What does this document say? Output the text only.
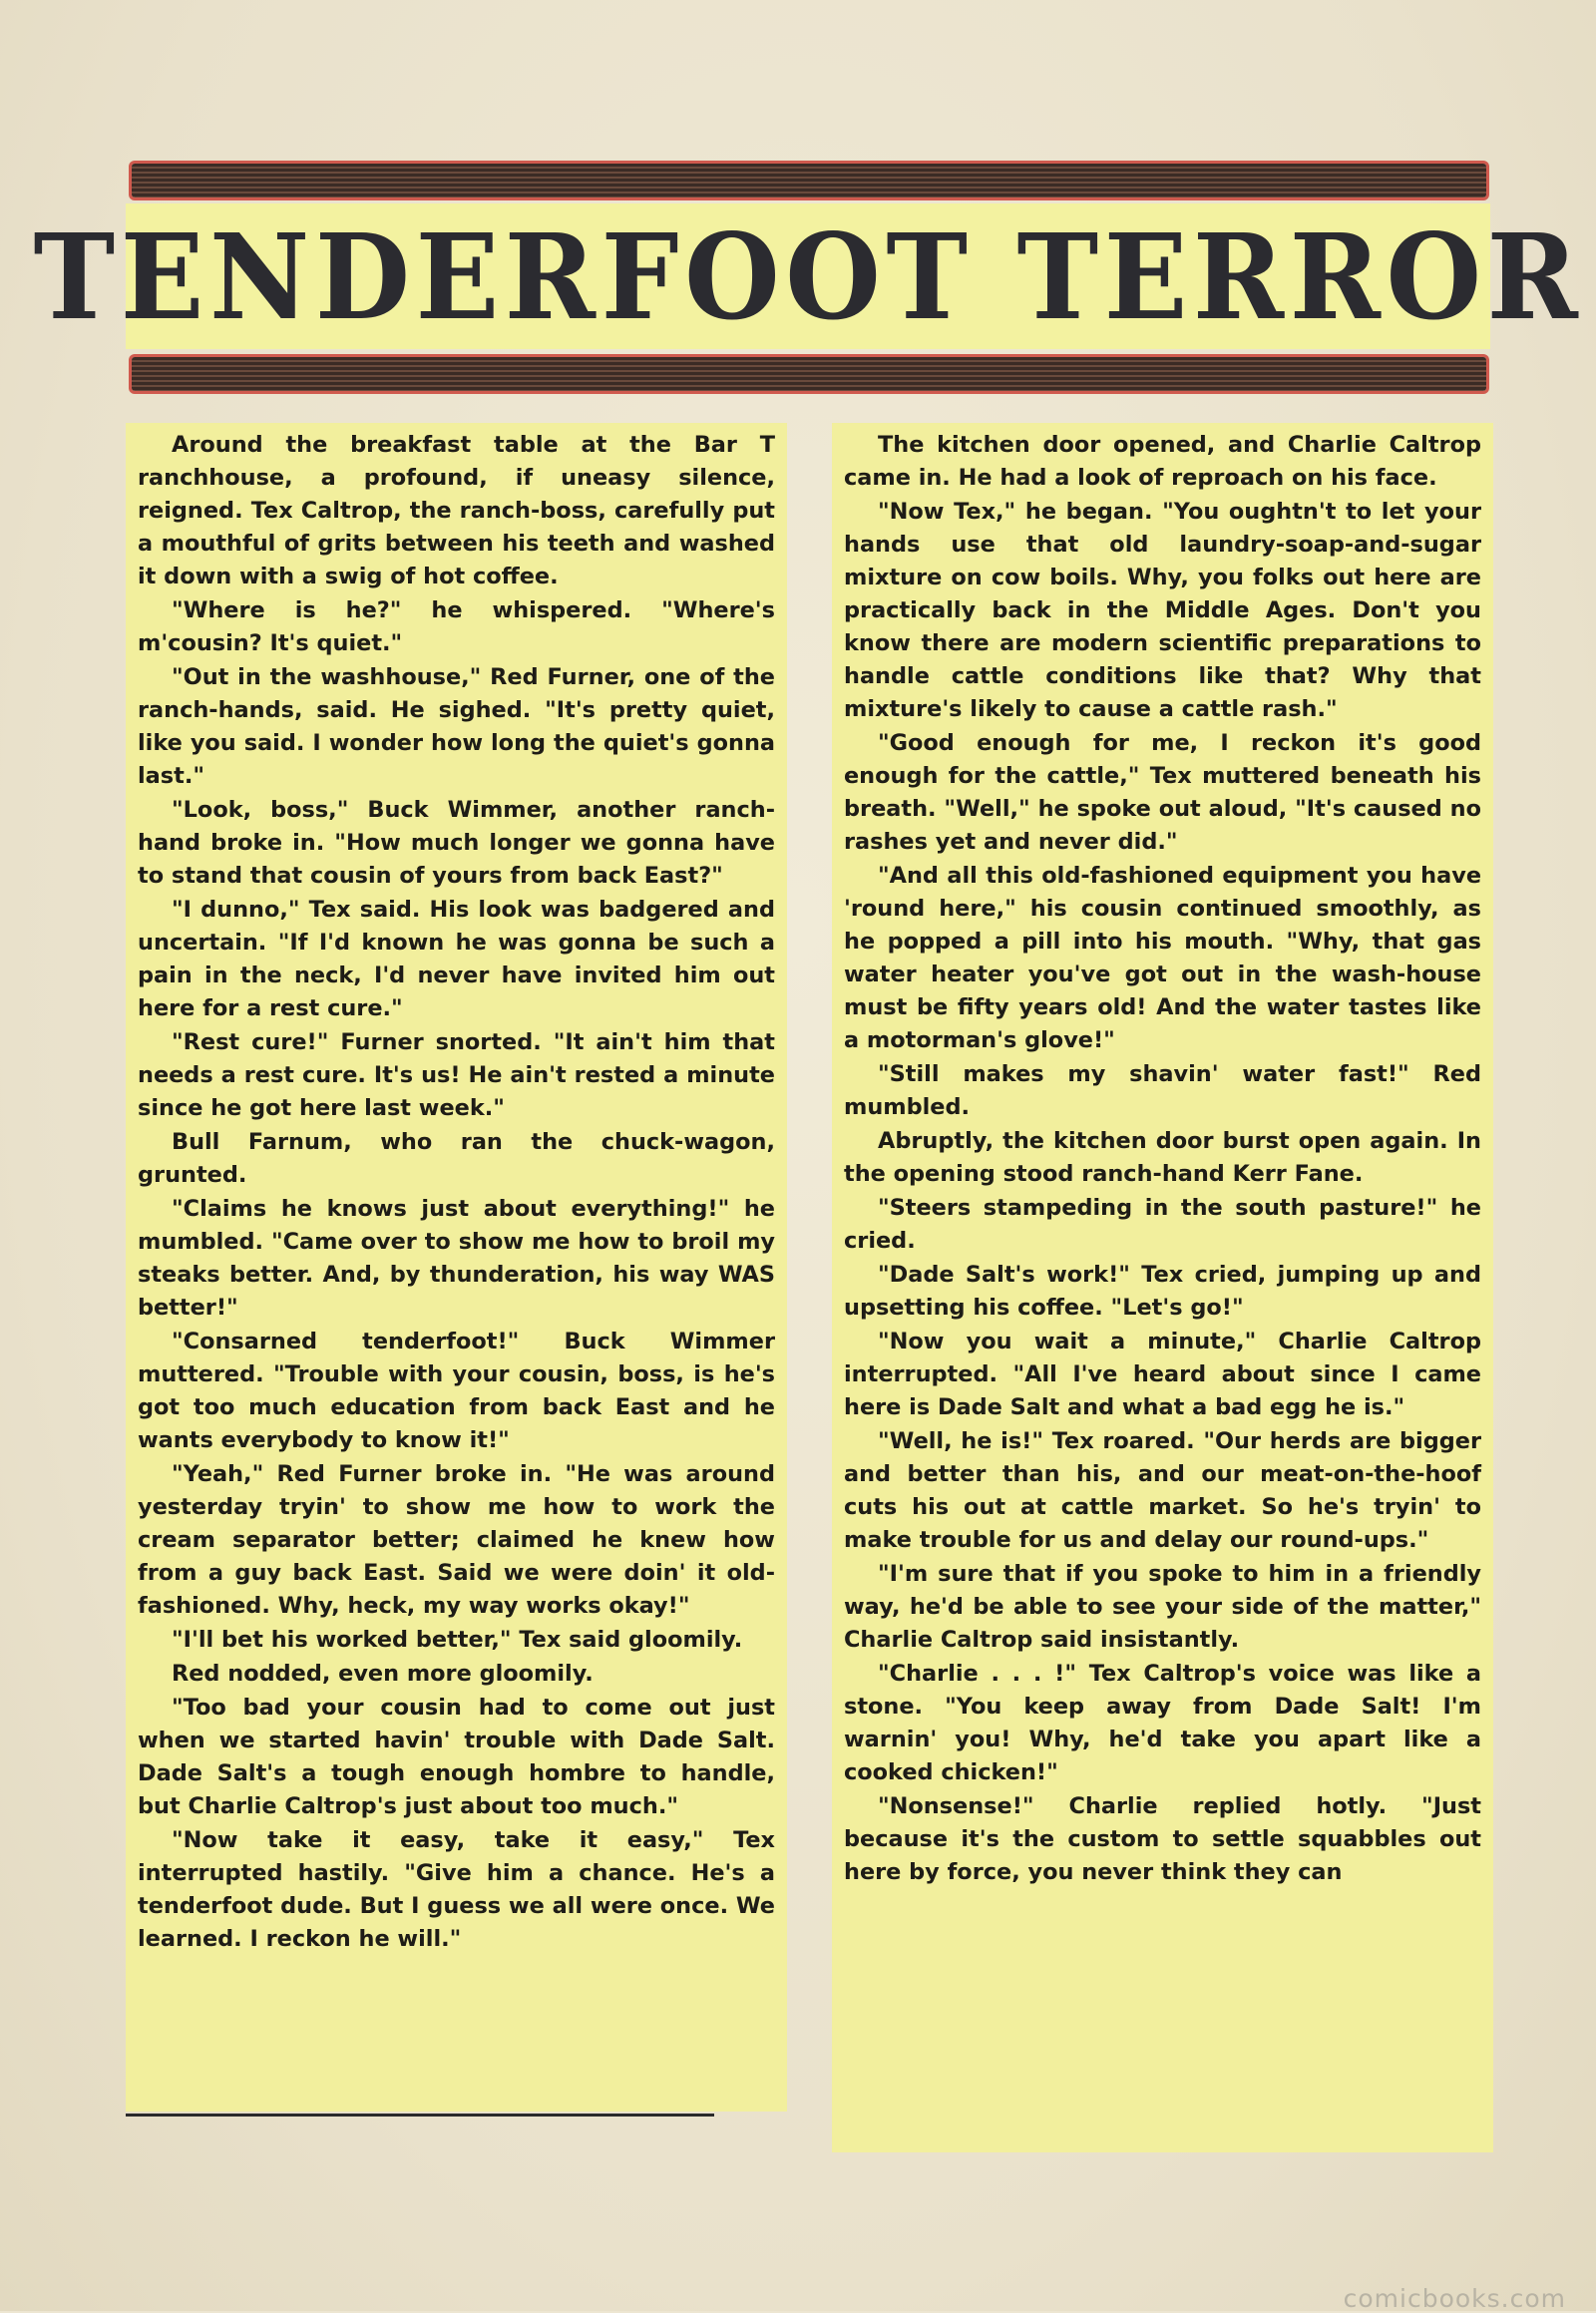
TENDERFOOT TERROR

Around the breakfast table at the Bar T ranchhouse, a profound, if uneasy silence, reigned. Tex Caltrop, the ranch-boss, carefully put a mouthful of grits between his teeth and washed it down with a swig of hot coffee.

"Where is he?" he whispered. "Where's m'cousin? It's quiet."

"Out in the washhouse," Red Furner, one of the ranch-hands, said. He sighed. "It's pretty quiet, like you said. I wonder how long the quiet's gonna last."

"Look, boss," Buck Wimmer, another ranch-hand broke in. "How much longer we gonna have to stand that cousin of yours from back East?"

"I dunno," Tex said. His look was badgered and uncertain. "If I'd known he was gonna be such a pain in the neck, I'd never have invited him out here for a rest cure."

"Rest cure!" Furner snorted. "It ain't him that needs a rest cure. It's us! He ain't rested a minute since he got here last week."

Bull Farnum, who ran the chuck-wagon, grunted.

"Claims he knows just about everything!" he mumbled. "Came over to show me how to broil my steaks better. And, by thunderation, his way WAS better!"

"Consarned tenderfoot!" Buck Wimmer muttered. "Trouble with your cousin, boss, is he's got too much education from back East and he wants everybody to know it!"

"Yeah," Red Furner broke in. "He was around yesterday tryin' to show me how to work the cream separator better; claimed he knew how from a guy back East. Said we were doin' it old-fashioned. Why, heck, my way works okay!"

"I'll bet his worked better," Tex said gloomily.

Red nodded, even more gloomily.

"Too bad your cousin had to come out just when we started havin' trouble with Dade Salt. Dade Salt's a tough enough hombre to handle, but Charlie Caltrop's just about too much."

"Now take it easy, take it easy," Tex interrupted hastily. "Give him a chance. He's a tenderfoot dude. But I guess we all were once. We learned. I reckon he will."

The kitchen door opened, and Charlie Caltrop came in. He had a look of reproach on his face.

"Now Tex," he began. "You oughtn't to let your hands use that old laundry-soap-and-sugar mixture on cow boils. Why, you folks out here are practically back in the Middle Ages. Don't you know there are modern scientific preparations to handle cattle conditions like that? Why that mixture's likely to cause a cattle rash."

"Good enough for me, I reckon it's good enough for the cattle," Tex muttered beneath his breath. "Well," he spoke out aloud, "It's caused no rashes yet and never did."

"And all this old-fashioned equipment you have 'round here," his cousin continued smoothly, as he popped a pill into his mouth. "Why, that gas water heater you've got out in the wash-house must be fifty years old! And the water tastes like a motorman's glove!"

"Still makes my shavin' water fast!" Red mumbled.

Abruptly, the kitchen door burst open again. In the opening stood ranch-hand Kerr Fane.

"Steers stampeding in the south pasture!" he cried.

"Dade Salt's work!" Tex cried, jumping up and upsetting his coffee. "Let's go!"

"Now you wait a minute," Charlie Caltrop interrupted. "All I've heard about since I came here is Dade Salt and what a bad egg he is."

"Well, he is!" Tex roared. "Our herds are bigger and better than his, and our meat-on-the-hoof cuts his out at cattle market. So he's tryin' to make trouble for us and delay our round-ups."

"I'm sure that if you spoke to him in a friendly way, he'd be able to see your side of the matter," Charlie Caltrop said insistantly.

"Charlie . . . !" Tex Caltrop's voice was like a stone. "You keep away from Dade Salt! I'm warnin' you! Why, he'd take you apart like a cooked chicken!"

"Nonsense!" Charlie replied hotly. "Just because it's the custom to settle squabbles out here by force, you never think they can

comicbooks.com
